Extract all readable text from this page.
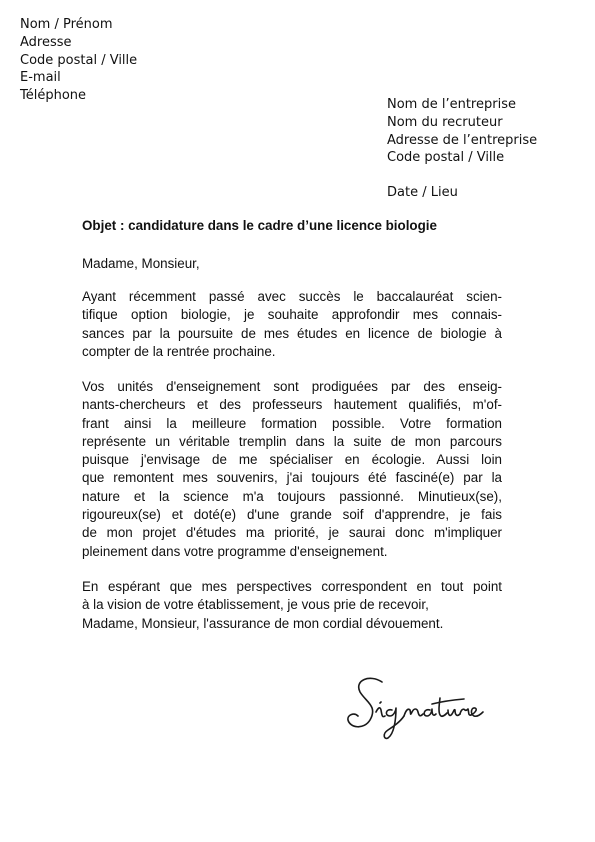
Nom / Prénom
Adresse
Code postal / Ville
E-mail
Téléphone
Nom de l’entreprise
Nom du recruteur
Adresse de l’entreprise
Code postal / Ville
Date / Lieu
Objet : candidature dans le cadre d’une licence biologie
Madame, Monsieur,
Ayant récemment passé avec succès le baccalauréat scien-
tifique option biologie, je souhaite approfondir mes connais-
sances par la poursuite de mes études en licence de biologie à
compter de la rentrée prochaine.
Vos unités d'enseignement sont prodiguées par des enseig-
nants-chercheurs et des professeurs hautement qualifiés, m'of-
frant ainsi la meilleure formation possible. Votre formation
représente un véritable tremplin dans la suite de mon parcours
puisque j'envisage de me spécialiser en écologie. Aussi loin
que remontent mes souvenirs, j'ai toujours été fasciné(e) par la
nature et la science m'a toujours passionné. Minutieux(se),
rigoureux(se) et doté(e) d'une grande soif d'apprendre, je fais
de mon projet d'études ma priorité, je saurai donc m'impliquer
pleinement dans votre programme d'enseignement.
En espérant que mes perspectives correspondent en tout point
à la vision de votre établissement, je vous prie de recevoir,
Madame, Monsieur, l'assurance de mon cordial dévouement.
